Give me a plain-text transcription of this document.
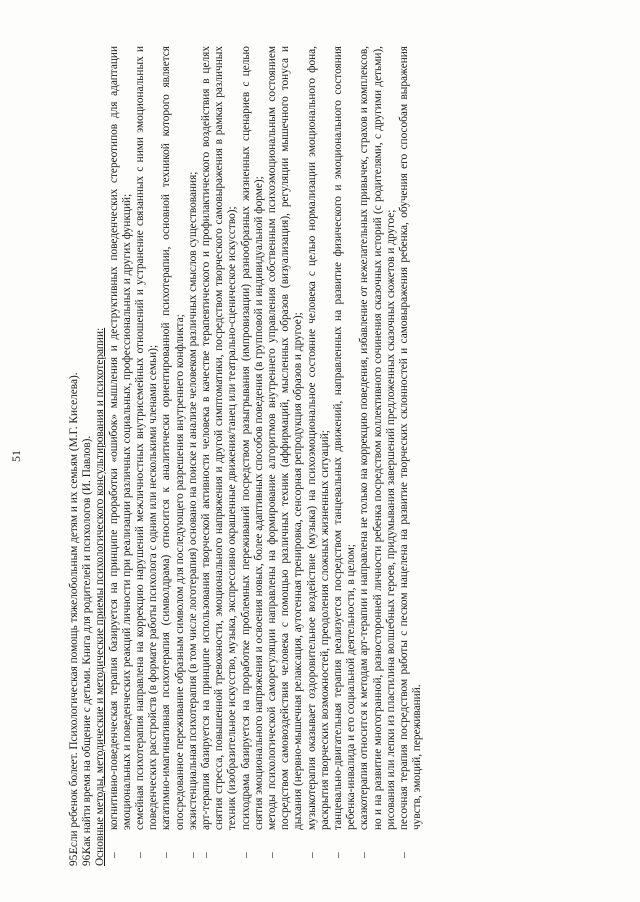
51

95.
Если ребенок болеет. Психологическая помощь тяжелобольным детям и их семьям (М.Г. Киселева).

96.
Как найти время на общение с детьми. Книга для родителей и психологов (И. Павлов). Основные методы, методические и методические приемы психологического консультирования и психотерапии: –
когнитивно-поведенческая терапия базируется на принципе проработки «ошибок» мышления и деструктивных поведенческих стереотипов для адаптации эмоциональных и поведенческих реакций личности при реализации различных социальных, профессиональных и других функций;
–
семейная психотерапия направлена на коррекцию нарушений межличностных внутрисемейных отношений и устранение связанных с ними эмоциональных и поведенческих расстройств (в формате работы психолога с одним или несколькими членами семьи);
–
кататимно-имагинативная психотерапия (символдрама) относится к аналитически ориентированной психотерапии, основной техникой которого является опосредованное переживание образным символом для последующего разрешения внутреннего конфликта;
–
экзистенциальная психотерапия (в том числе логотерапия) основано на поиске и анализе человеком различных смыслов существования;
–
арт-терапия базируется на принципе использования творческой активности человека в качестве терапевтического и профилактического воздействия в целях снятия стресса, повышенной тревожности, эмоционального напряжения и другой симптоматики, посредством творческого самовыражения в рамках различных техник (изобразительное искусство, музыка, экспрессивно окрашенные движения/танец или театрально-сценическое искусство);
–
психодрама базируется на проработке проблемных переживаний посредством разыгрывания (импровизации) разнообразных жизненных сценариев с целью снятия эмоционального напряжения и освоения новых, более адаптивных способов поведения (в групповой и индивидуальной форме);
–
методы психологической саморегуляции направлены на формирование алгоритмов внутреннего управления собственным психоэмоциональным состоянием посредством самовоздействия человека с помощью различных техник (аффирмаций, мысленных образов (визуализация), регуляции мышечного тонуса и дыхания (нервно-мышечная релаксация, аутогенная тренировка, сенсорная репродукция образов и другое);
–
музыкотерапия оказывает оздоровительное воздействие (музыка) на психоэмоциональное состояние человека с целью нормализации эмоционального фона, раскрытия творческих возможностей, преодоления сложных жизненных ситуаций;
–
танцевально-двигательная терапия реализуется посредством танцевальных движений, направленных на развитие физического и эмоционального состояния ребенка-инвалида и его социальной деятельности, в целом;
–
сказкотерапия относится к методам арт-терапии и направлена не только на коррекцию поведения, избавление от нежелательных привычек, страхов и комплексов, но и на развитие многогранной, разносторонней личности ребенка посредством коллективного сочинения сказочных историй (с родителями, с другими детьми), рисования или лепки из пластилина волшебных героев, придумывания завершений предложенных сказочных сюжетов и другое;
–
песочная терапия посредством работы с песком нацелена на развитие творческих склонностей и самовыражения ребенка, обучения его способам выражения чувств, эмоций, переживаний.
